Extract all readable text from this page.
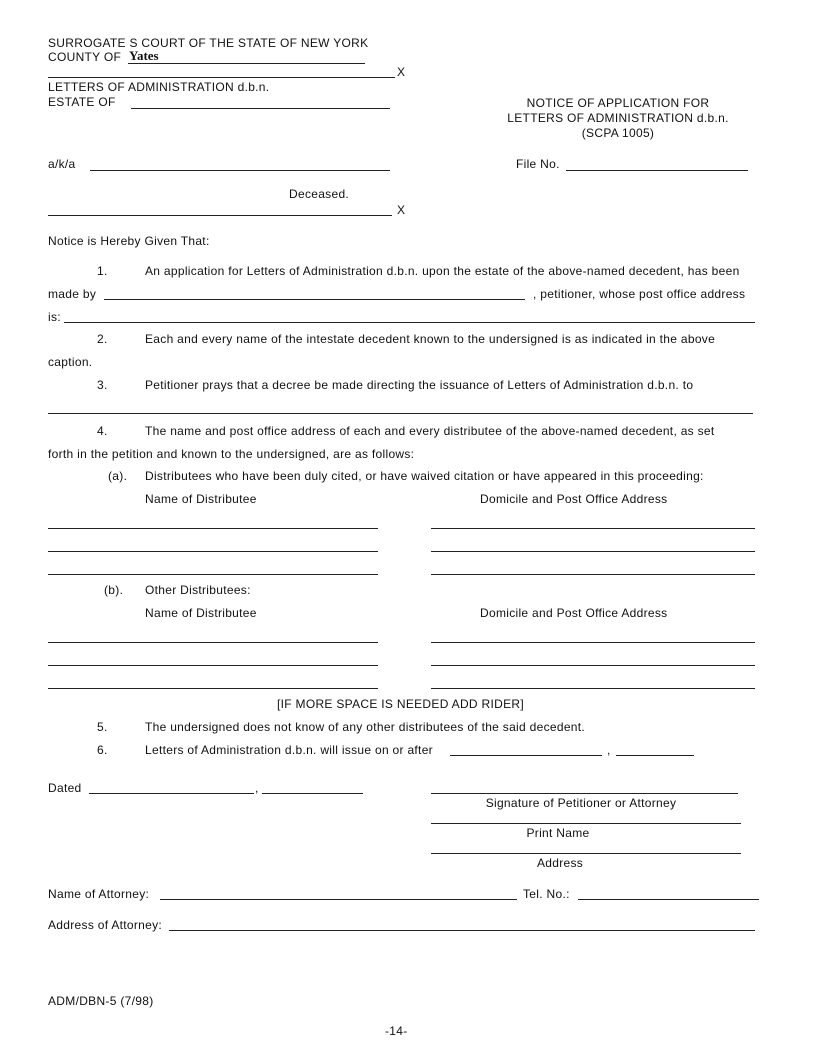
SURROGATE S COURT OF THE STATE OF NEW YORK
COUNTY OF Yates
X
LETTERS OF ADMINISTRATION d.b.n.
ESTATE OF	NOTICE OF APPLICATION FOR
LETTERS OF ADMINISTRATION d.b.n.
(SCPA 1005)
a/k/a	File No.
Deceased.
X
Notice is Hereby Given That:
1.	An application for Letters of Administration d.b.n. upon the estate of the above-named decedent, has been
made by	, petitioner, whose post office address
is:
2.	Each and every name of the intestate decedent known to the undersigned is as indicated in the above
caption.
3.	Petitioner prays that a decree be made directing the issuance of Letters of Administration d.b.n. to
4.	The name and post office address of each and every distributee of the above-named decedent, as set
forth in the petition and known to the undersigned, are as follows:
(a). Distributees who have been duly cited, or have waived citation or have appeared in this proceeding:
Name of Distributee	Domicile and Post Office Address
(b). Other Distributees:
Name of Distributee	Domicile and Post Office Address
[IF MORE SPACE IS NEEDED ADD RIDER]
5.	The undersigned does not know of any other distributees of the said decedent.
6.	Letters of Administration d.b.n. will issue on or after	,
Dated	,
Signature of Petitioner or Attorney
Print Name
Address
Name of Attorney:	Tel. No.:
Address of Attorney:
ADM/DBN-5 (7/98)
-14-
